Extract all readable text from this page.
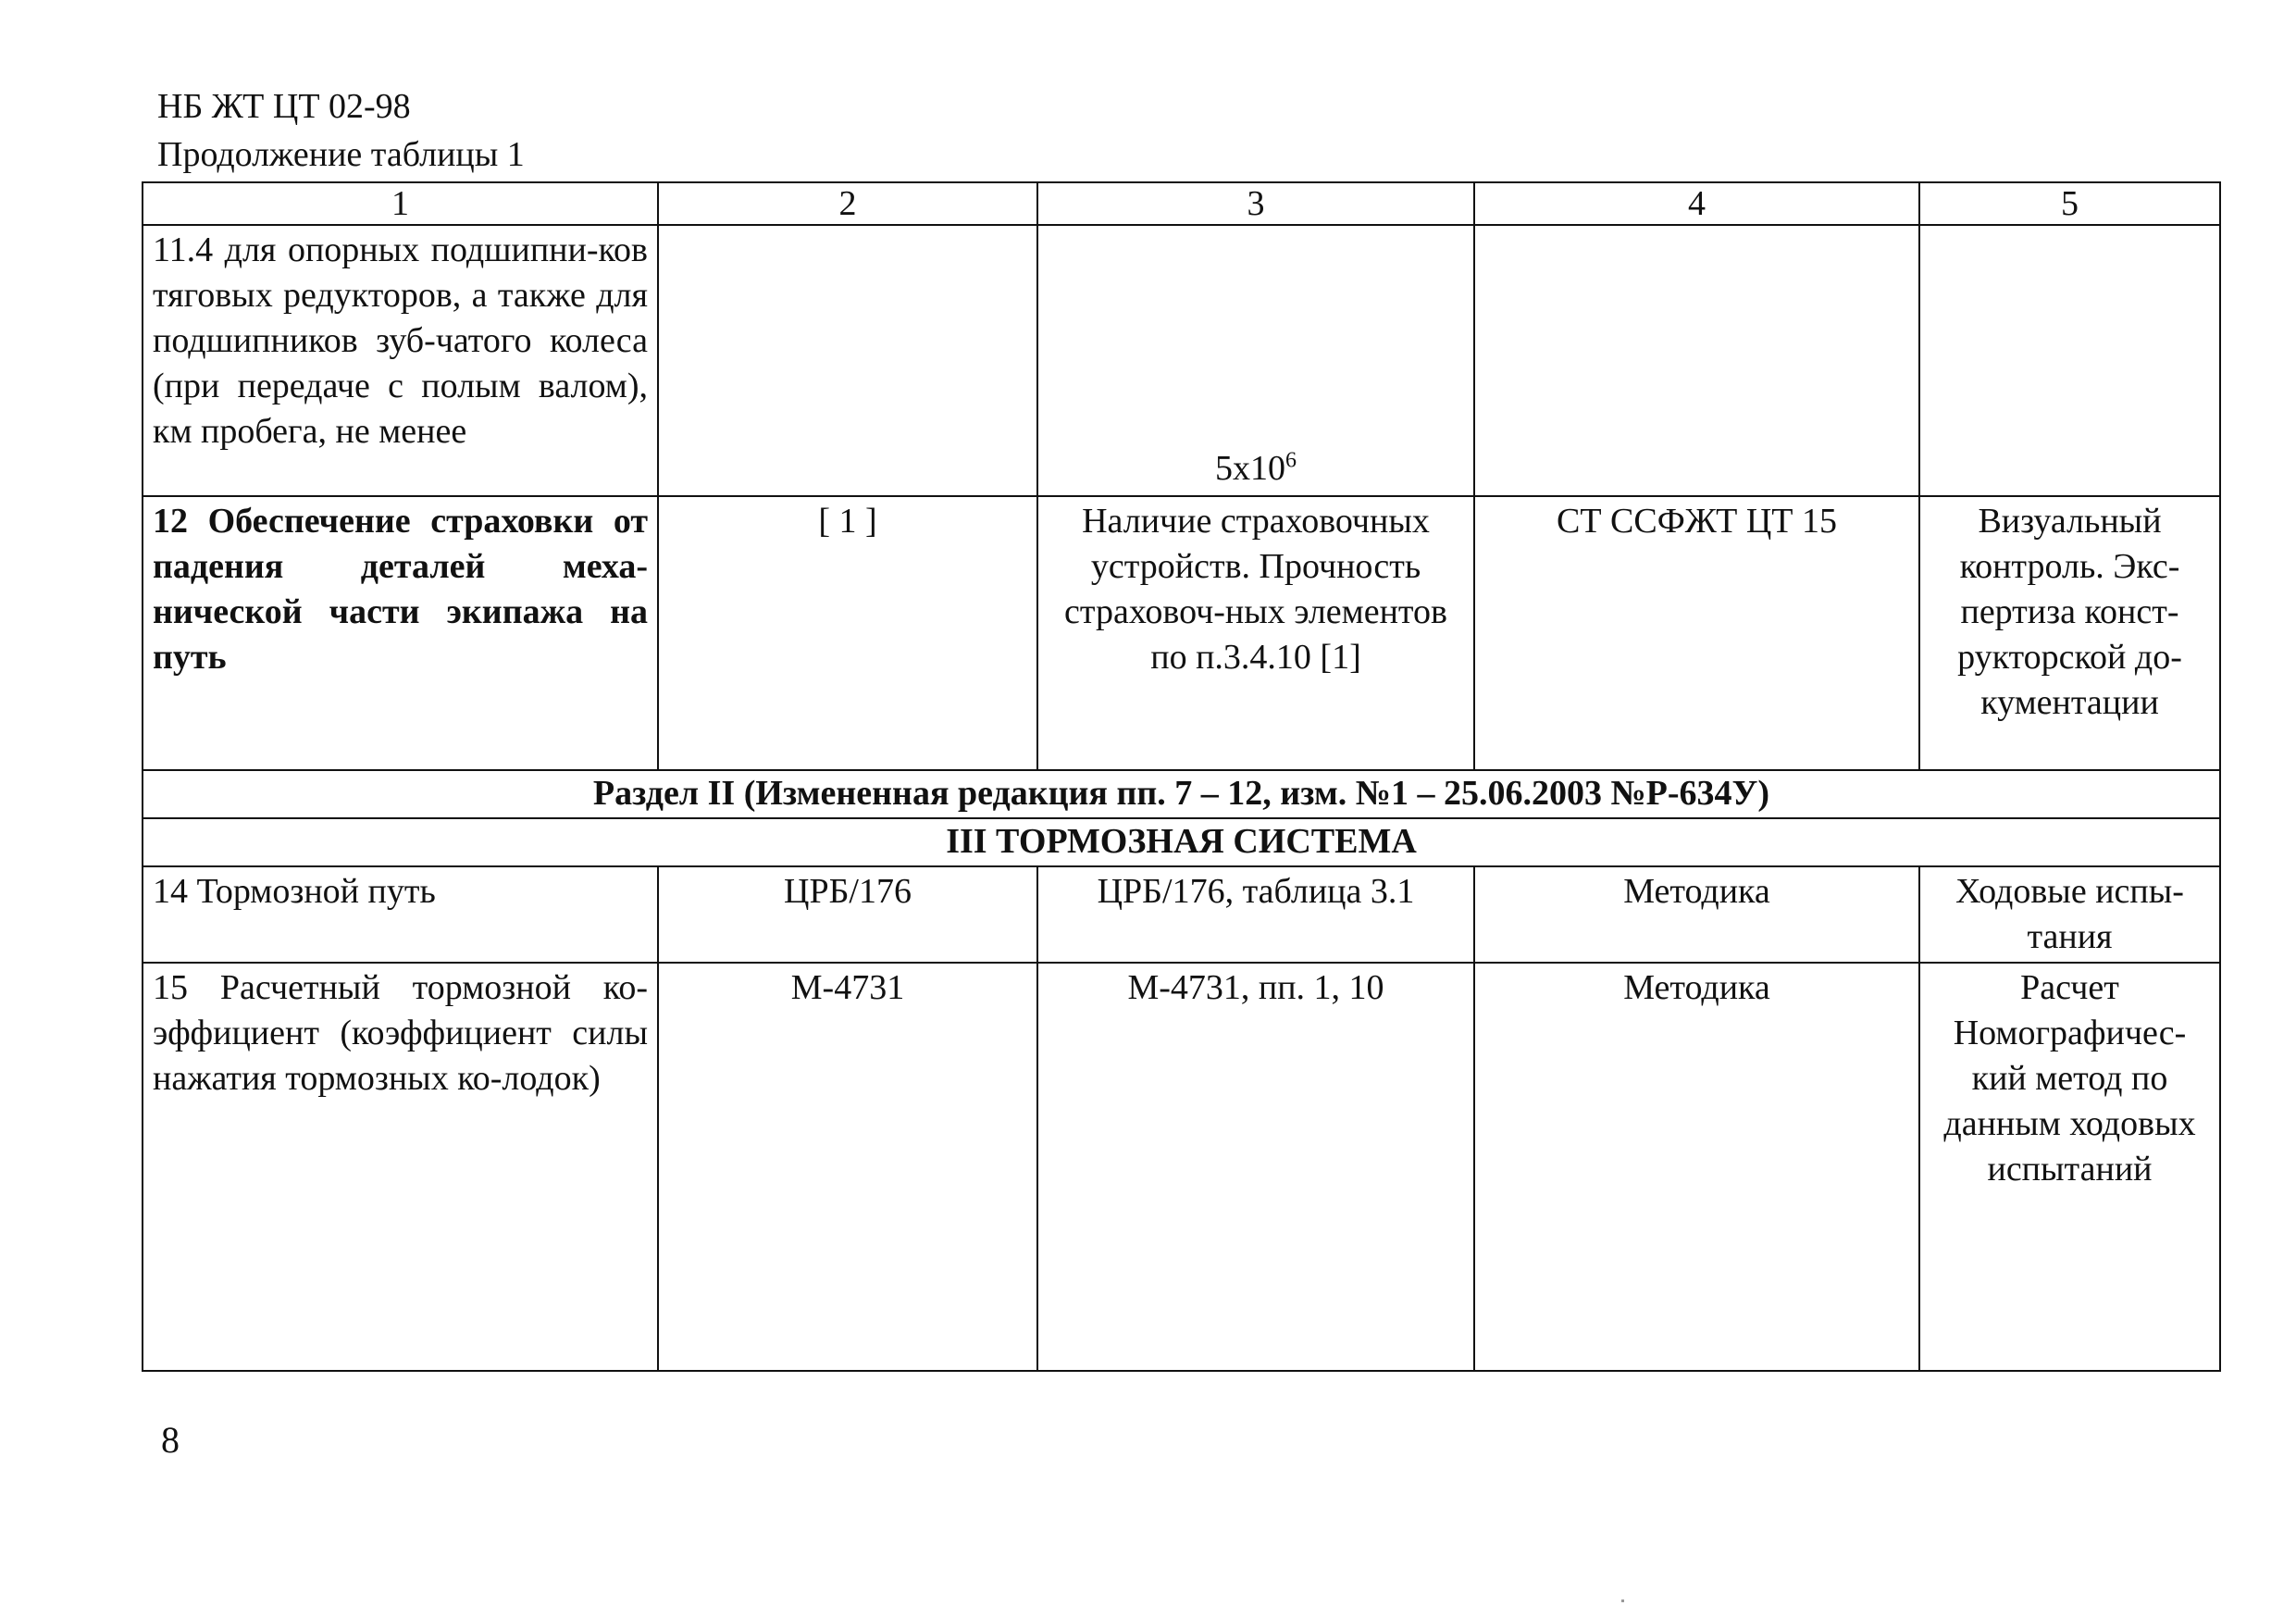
НБ ЖТ ЦТ 02-98
Продолжение таблицы 1
1	2	3	4	5
11.4 для опорных подшипни-ков тяговых редукторов, а также для подшипников зуб-чатого колеса (при передаче с полым валом), км пробега, не менее		$5x10^6$

12 Обеспечение страховки от падения деталей меха-нической части экипажа на путь	[ 1 ]	Наличие страховочных устройств. Прочность страховоч-ных элементов по п.3.4.10 [1]	СТ ССФЖТ ЦТ 15	Визуальный контроль. Экс-пертиза конст-рукторской до-кументации
Раздел II (Измененная редакция пп. 7 – 12, изм. №1 – 25.06.2003 №Р-634У)				
III ТОРМОЗНАЯ СИСТЕМА				
14 Тормозной путь	ЦРБ/176	ЦРБ/176, таблица 3.1	Методика	Ходовые испы-тания
15 Расчетный тормозной ко-эффициент (коэффициент силы нажатия тормозных ко-лодок)	М-4731	М-4731, пп. 1, 10	Методика	Расчет Номографичес-кий метод по данным ходовых испытаний
8
